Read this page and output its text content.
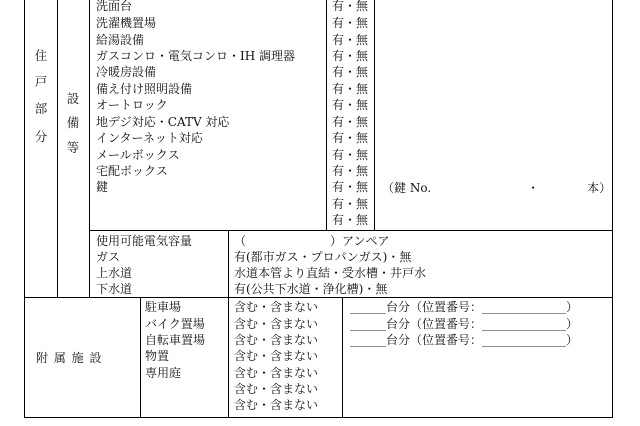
住
戸
部
分
設
備
等
洗面台	有・無
洗濯機置場	有・無
給湯設備	有・無
ガスコンロ・電気コンロ・IH 調理器	有・無
冷暖房設備	有・無
備え付け照明設備	有・無
オートロック	有・無
地デジ対応・CATV 対応	有・無
インターネット対応	有・無
メールボックス	有・無
宅配ボックス	有・無
鍵	有・無
有・無
有・無
（鍵 No.　　　　　　　　・　　　　本）
使用可能電気容量	（　　　　　　　）アンペア
ガス	有(都市ガス・プロパンガス)・無
上水道	水道本管より直結・受水槽・井戸水
下水道	有(公共下水道・浄化槽)・無
附 属 施 設
駐車場	含む・含まない	______台分（位置番号：______________）
バイク置場 含む・含まない	______台分（位置番号：______________）
自転車置場 含む・含まない	______台分（位置番号：______________）
物置	含む・含まない
専用庭	含む・含まない
含む・含まない
含む・含まない
